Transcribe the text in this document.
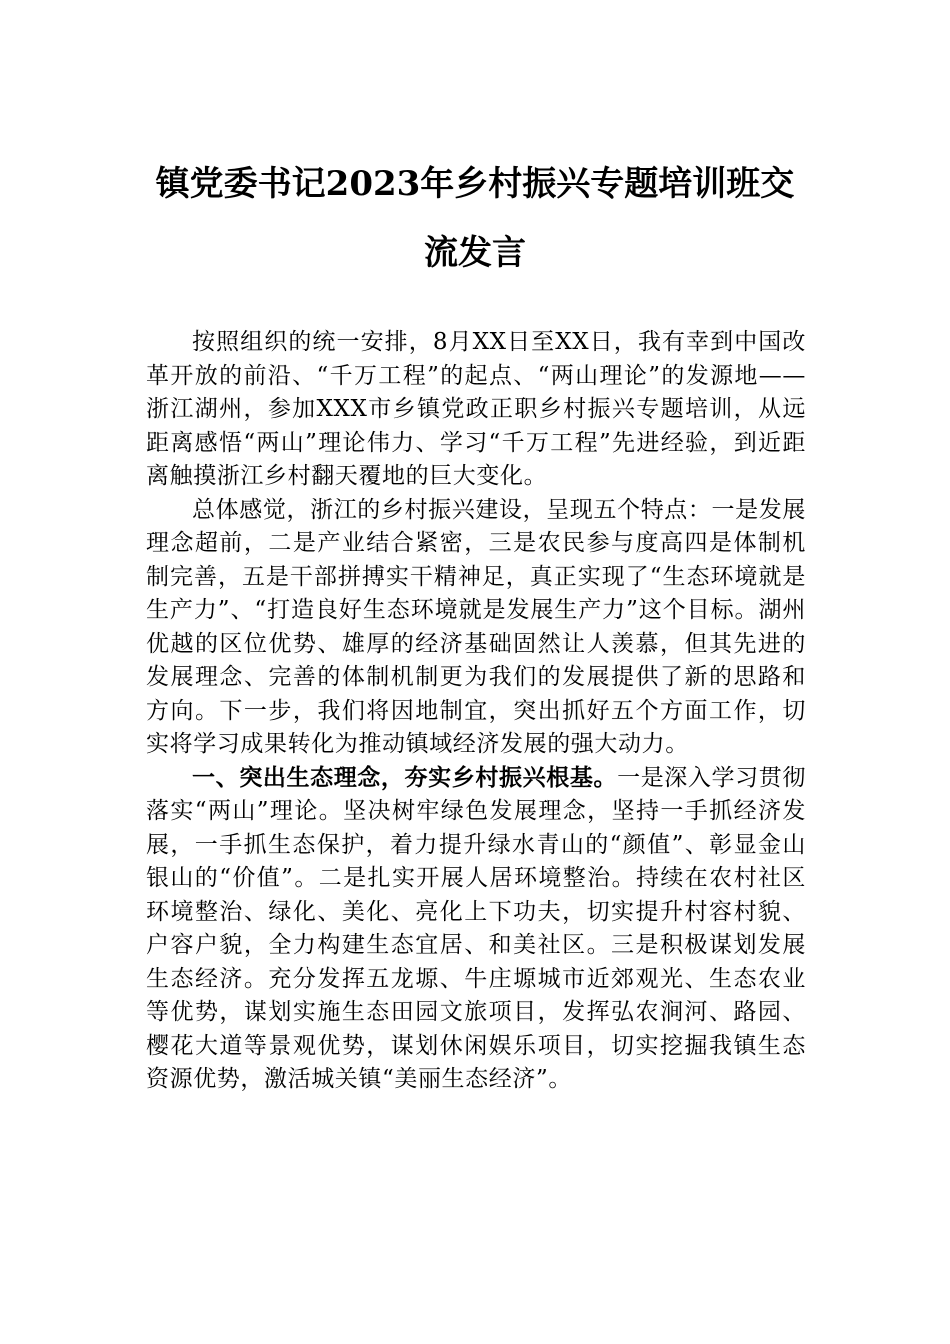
镇党委书记2023年乡村振兴专题培训班交
流发言

按照组织的统一安排，8月XX日至XX日，我有幸到中国改革开放的前沿、“千万工程”的起点、“两山理论”的发源地——浙江湖州，参加XXX市乡镇党政正职乡村振兴专题培训，从远距离感悟“两山”理论伟力、学习“千万工程”先进经验，到近距离触摸浙江乡村翻天覆地的巨大变化。

总体感觉，浙江的乡村振兴建设，呈现五个特点：一是发展理念超前，二是产业结合紧密，三是农民参与度高四是体制机制完善，五是干部拼搏实干精神足，真正实现了“生态环境就是生产力”、“打造良好生态环境就是发展生产力”这个目标。湖州优越的区位优势、雄厚的经济基础固然让人羡慕，但其先进的发展理念、完善的体制机制更为我们的发展提供了新的思路和方向。下一步，我们将因地制宜，突出抓好五个方面工作，切实将学习成果转化为推动镇域经济发展的强大动力。

一、突出生态理念，夯实乡村振兴根基。一是深入学习贯彻落实“两山”理论。坚决树牢绿色发展理念，坚持一手抓经济发展，一手抓生态保护，着力提升绿水青山的“颜值”、彰显金山银山的“价值”。二是扎实开展人居环境整治。持续在农村社区环境整治、绿化、美化、亮化上下功夫，切实提升村容村貌、户容户貌，全力构建生态宜居、和美社区。三是积极谋划发展生态经济。充分发挥五龙塬、牛庄塬城市近郊观光、生态农业等优势，谋划实施生态田园文旅项目，发挥弘农涧河、路园、樱花大道等景观优势，谋划休闲娱乐项目，切实挖掘我镇生态资源优势，激活城关镇“美丽生态经济”。
